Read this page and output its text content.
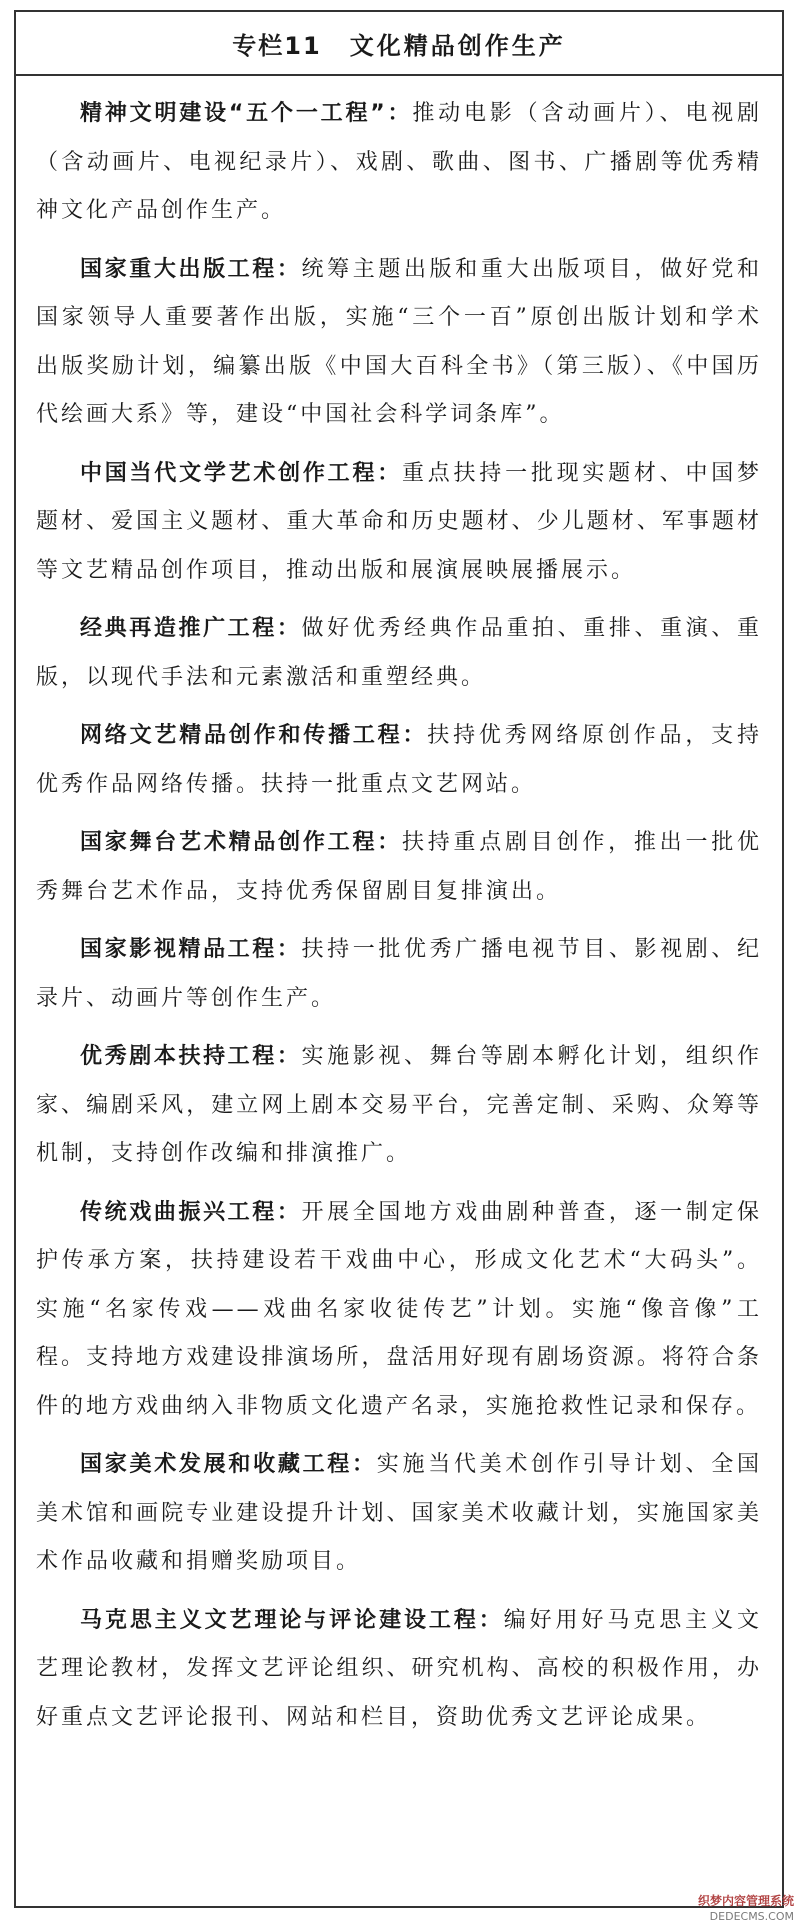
专栏11 文化精品创作生产

精神文明建设“五个一工程”：推动电影（含动画片）、电视剧（含动画片、电视纪录片）、戏剧、歌曲、图书、广播剧等优秀精神文化产品创作生产。

国家重大出版工程：统筹主题出版和重大出版项目，做好党和国家领导人重要著作出版，实施“三个一百”原创出版计划和学术出版奖励计划，编纂出版《中国大百科全书》（第三版）、《中国历代绘画大系》等，建设“中国社会科学词条库”。

中国当代文学艺术创作工程：重点扶持一批现实题材、中国梦题材、爱国主义题材、重大革命和历史题材、少儿题材、军事题材等文艺精品创作项目，推动出版和展演展映展播展示。

经典再造推广工程：做好优秀经典作品重拍、重排、重演、重版，以现代手法和元素激活和重塑经典。

网络文艺精品创作和传播工程：扶持优秀网络原创作品，支持优秀作品网络传播。扶持一批重点文艺网站。

国家舞台艺术精品创作工程：扶持重点剧目创作，推出一批优秀舞台艺术作品，支持优秀保留剧目复排演出。

国家影视精品工程：扶持一批优秀广播电视节目、影视剧、纪录片、动画片等创作生产。

优秀剧本扶持工程：实施影视、舞台等剧本孵化计划，组织作家、编剧采风，建立网上剧本交易平台，完善定制、采购、众筹等机制，支持创作改编和排演推广。

传统戏曲振兴工程：开展全国地方戏曲剧种普查，逐一制定保护传承方案，扶持建设若干戏曲中心，形成文化艺术“大码头”。实施“名家传戏——戏曲名家收徒传艺”计划。实施“像音像”工程。支持地方戏建设排演场所，盘活用好现有剧场资源。将符合条件的地方戏曲纳入非物质文化遗产名录，实施抢救性记录和保存。

国家美术发展和收藏工程：实施当代美术创作引导计划、全国美术馆和画院专业建设提升计划、国家美术收藏计划，实施国家美术作品收藏和捐赠奖励项目。

马克思主义文艺理论与评论建设工程：编好用好马克思主义文艺理论教材，发挥文艺评论组织、研究机构、高校的积极作用，办好重点文艺评论报刊、网站和栏目，资助优秀文艺评论成果。

织梦内容管理系统
DEDECMS.COM
